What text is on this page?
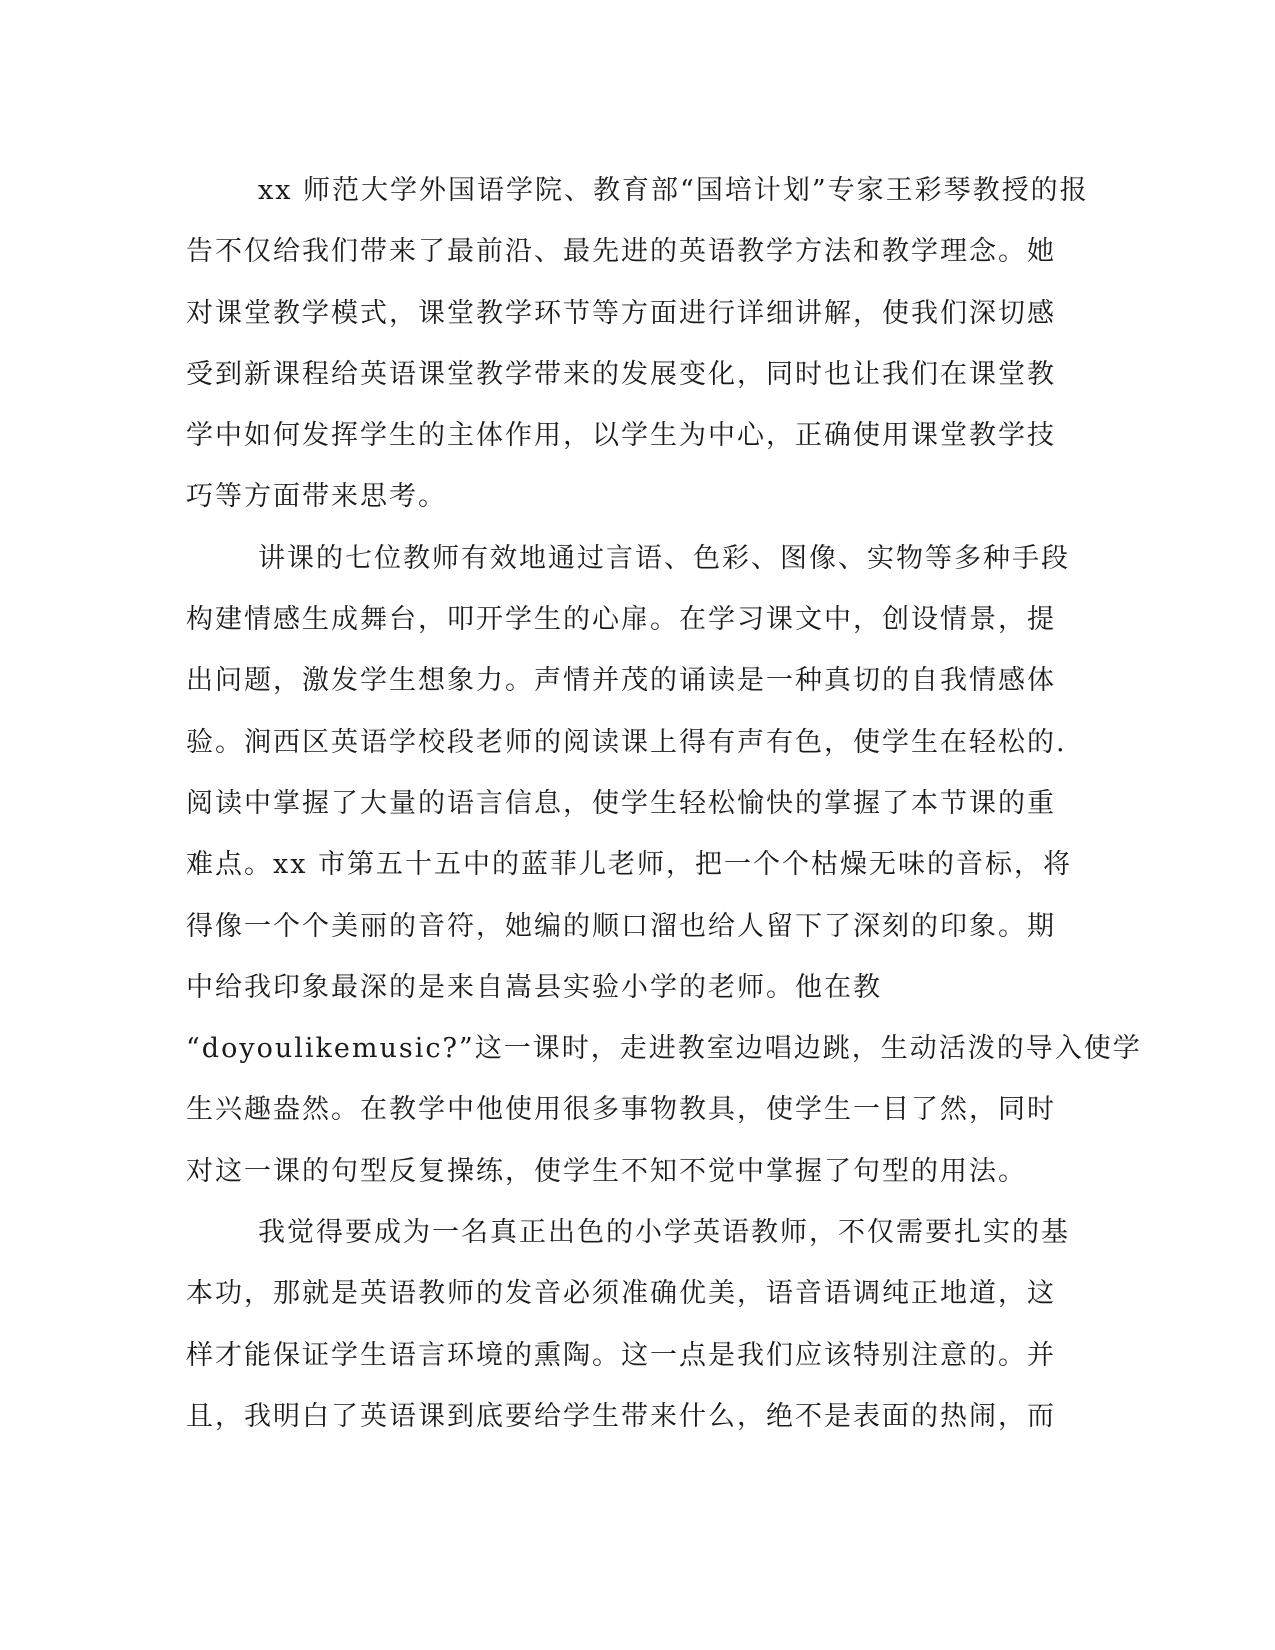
xx 师范大学外国语学院、教育部“国培计划”专家王彩琴教授的报
告不仅给我们带来了最前沿、最先进的英语教学方法和教学理念。她
对课堂教学模式，课堂教学环节等方面进行详细讲解，使我们深切感
受到新课程给英语课堂教学带来的发展变化，同时也让我们在课堂教
学中如何发挥学生的主体作用，以学生为中心，正确使用课堂教学技
巧等方面带来思考。
讲课的七位教师有效地通过言语、色彩、图像、实物等多种手段
构建情感生成舞台，叩开学生的心扉。在学习课文中，创设情景，提
出问题，激发学生想象力。声情并茂的诵读是一种真切的自我情感体
验。涧西区英语学校段老师的阅读课上得有声有色，使学生在轻松的.
阅读中掌握了大量的语言信息，使学生轻松愉快的掌握了本节课的重
难点。xx 市第五十五中的蓝菲儿老师，把一个个枯燥无味的音标，将
得像一个个美丽的音符，她编的顺口溜也给人留下了深刻的印象。期
中给我印象最深的是来自嵩县实验小学的老师。他在教
“doyoulikemusic?”这一课时，走进教室边唱边跳，生动活泼的导入使学
生兴趣盎然。在教学中他使用很多事物教具，使学生一目了然，同时
对这一课的句型反复操练，使学生不知不觉中掌握了句型的用法。
我觉得要成为一名真正出色的小学英语教师，不仅需要扎实的基
本功，那就是英语教师的发音必须准确优美，语音语调纯正地道，这
样才能保证学生语言环境的熏陶。这一点是我们应该特别注意的。并
且，我明白了英语课到底要给学生带来什么，绝不是表面的热闹，而
